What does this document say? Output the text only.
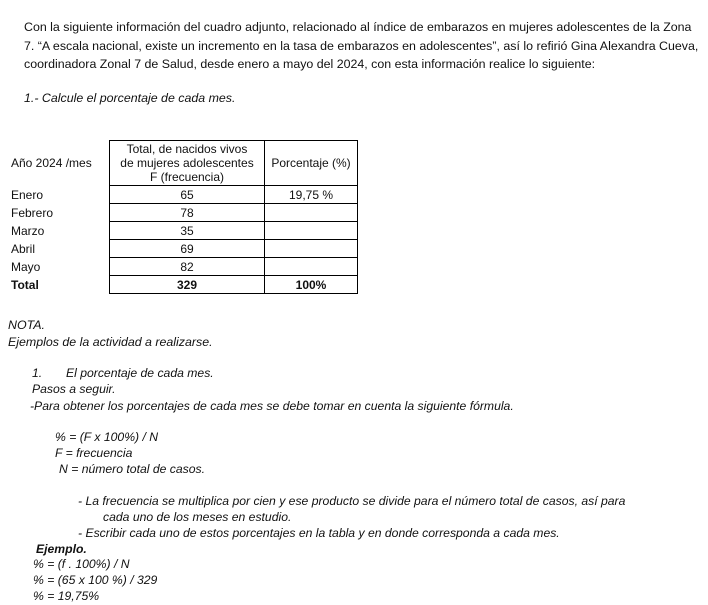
Con la siguiente información del cuadro adjunto, relacionado al índice de embarazos en mujeres adolescentes de la Zona
7. “A escala nacional, existe un incremento en la tasa de embarazos en adolescentes”, así lo refirió Gina Alexandra Cueva,
coordinadora Zonal 7 de Salud, desde enero a mayo del 2024, con esta información realice lo siguiente:
1.- Calcule el porcentaje de cada mes.
Año 2024 /mes	Total, de nacidos vivos
de mujeres adolescentes
F (frecuencia)	Porcentaje (%)
Enero	65	19,75 %
Febrero	78	
Marzo	35	
Abril	69	
Mayo	82	
Total	329	100%
NOTA.
Ejemplos de la actividad a realizarse.
1. El porcentaje de cada mes.
Pasos a seguir.
-Para obtener los porcentajes de cada mes se debe tomar en cuenta la siguiente fórmula.
% = (F x 100%) / N
F = frecuencia
N = número total de casos.
- La frecuencia se multiplica por cien y ese producto se divide para el número total de casos, así para
cada uno de los meses en estudio.
- Escribir cada uno de estos porcentajes en la tabla y en donde corresponda a cada mes.
Ejemplo.
% = (f . 100%) / N
% = (65 x 100 %) / 329
% = 19,75%
